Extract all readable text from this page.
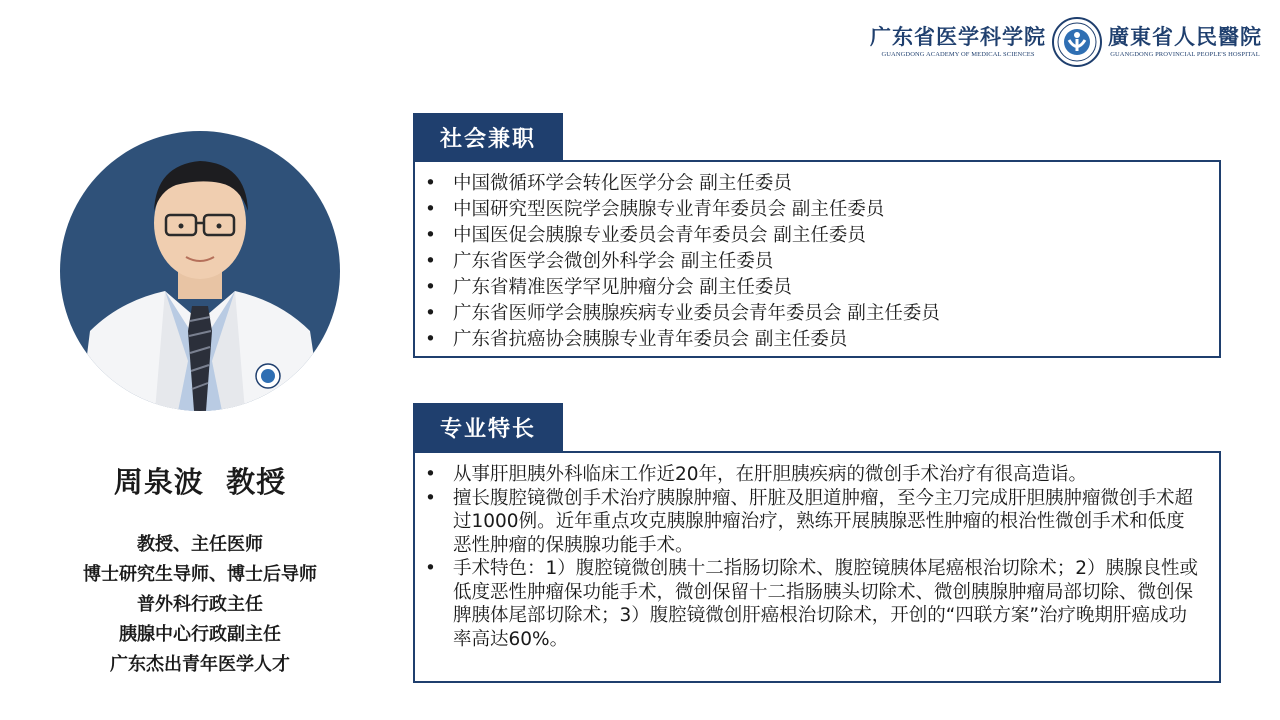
广东省医学科学院
GUANGDONG ACADEMY OF MEDICAL SCIENCES
廣東省人民醫院
GUANGDONG PROVINCIAL PEOPLE'S HOSPITAL
周泉波  教授
教授、主任医师
博士研究生导师、博士后导师
普外科行政主任
胰腺中心行政副主任
广东杰出青年医学人才
社会兼职
• 中国微循环学会转化医学分会 副主任委员
• 中国研究型医院学会胰腺专业青年委员会 副主任委员
• 中国医促会胰腺专业委员会青年委员会 副主任委员
• 广东省医学会微创外科学会 副主任委员
• 广东省精准医学罕见肿瘤分会 副主任委员
• 广东省医师学会胰腺疾病专业委员会青年委员会 副主任委员
• 广东省抗癌协会胰腺专业青年委员会 副主任委员
专业特长
• 从事肝胆胰外科临床工作近20年，在肝胆胰疾病的微创手术治疗有很高造诣。
• 擅长腹腔镜微创手术治疗胰腺肿瘤、肝脏及胆道肿瘤，至今主刀完成肝胆胰肿瘤微创手术超过1000例。近年重点攻克胰腺肿瘤治疗，熟练开展胰腺恶性肿瘤的根治性微创手术和低度恶性肿瘤的保胰腺功能手术。
• 手术特色：1）腹腔镜微创胰十二指肠切除术、腹腔镜胰体尾癌根治切除术；2）胰腺良性或低度恶性肿瘤保功能手术，微创保留十二指肠胰头切除术、微创胰腺肿瘤局部切除、微创保脾胰体尾部切除术；3）腹腔镜微创肝癌根治切除术，开创的“四联方案”治疗晚期肝癌成功率高达60%。
